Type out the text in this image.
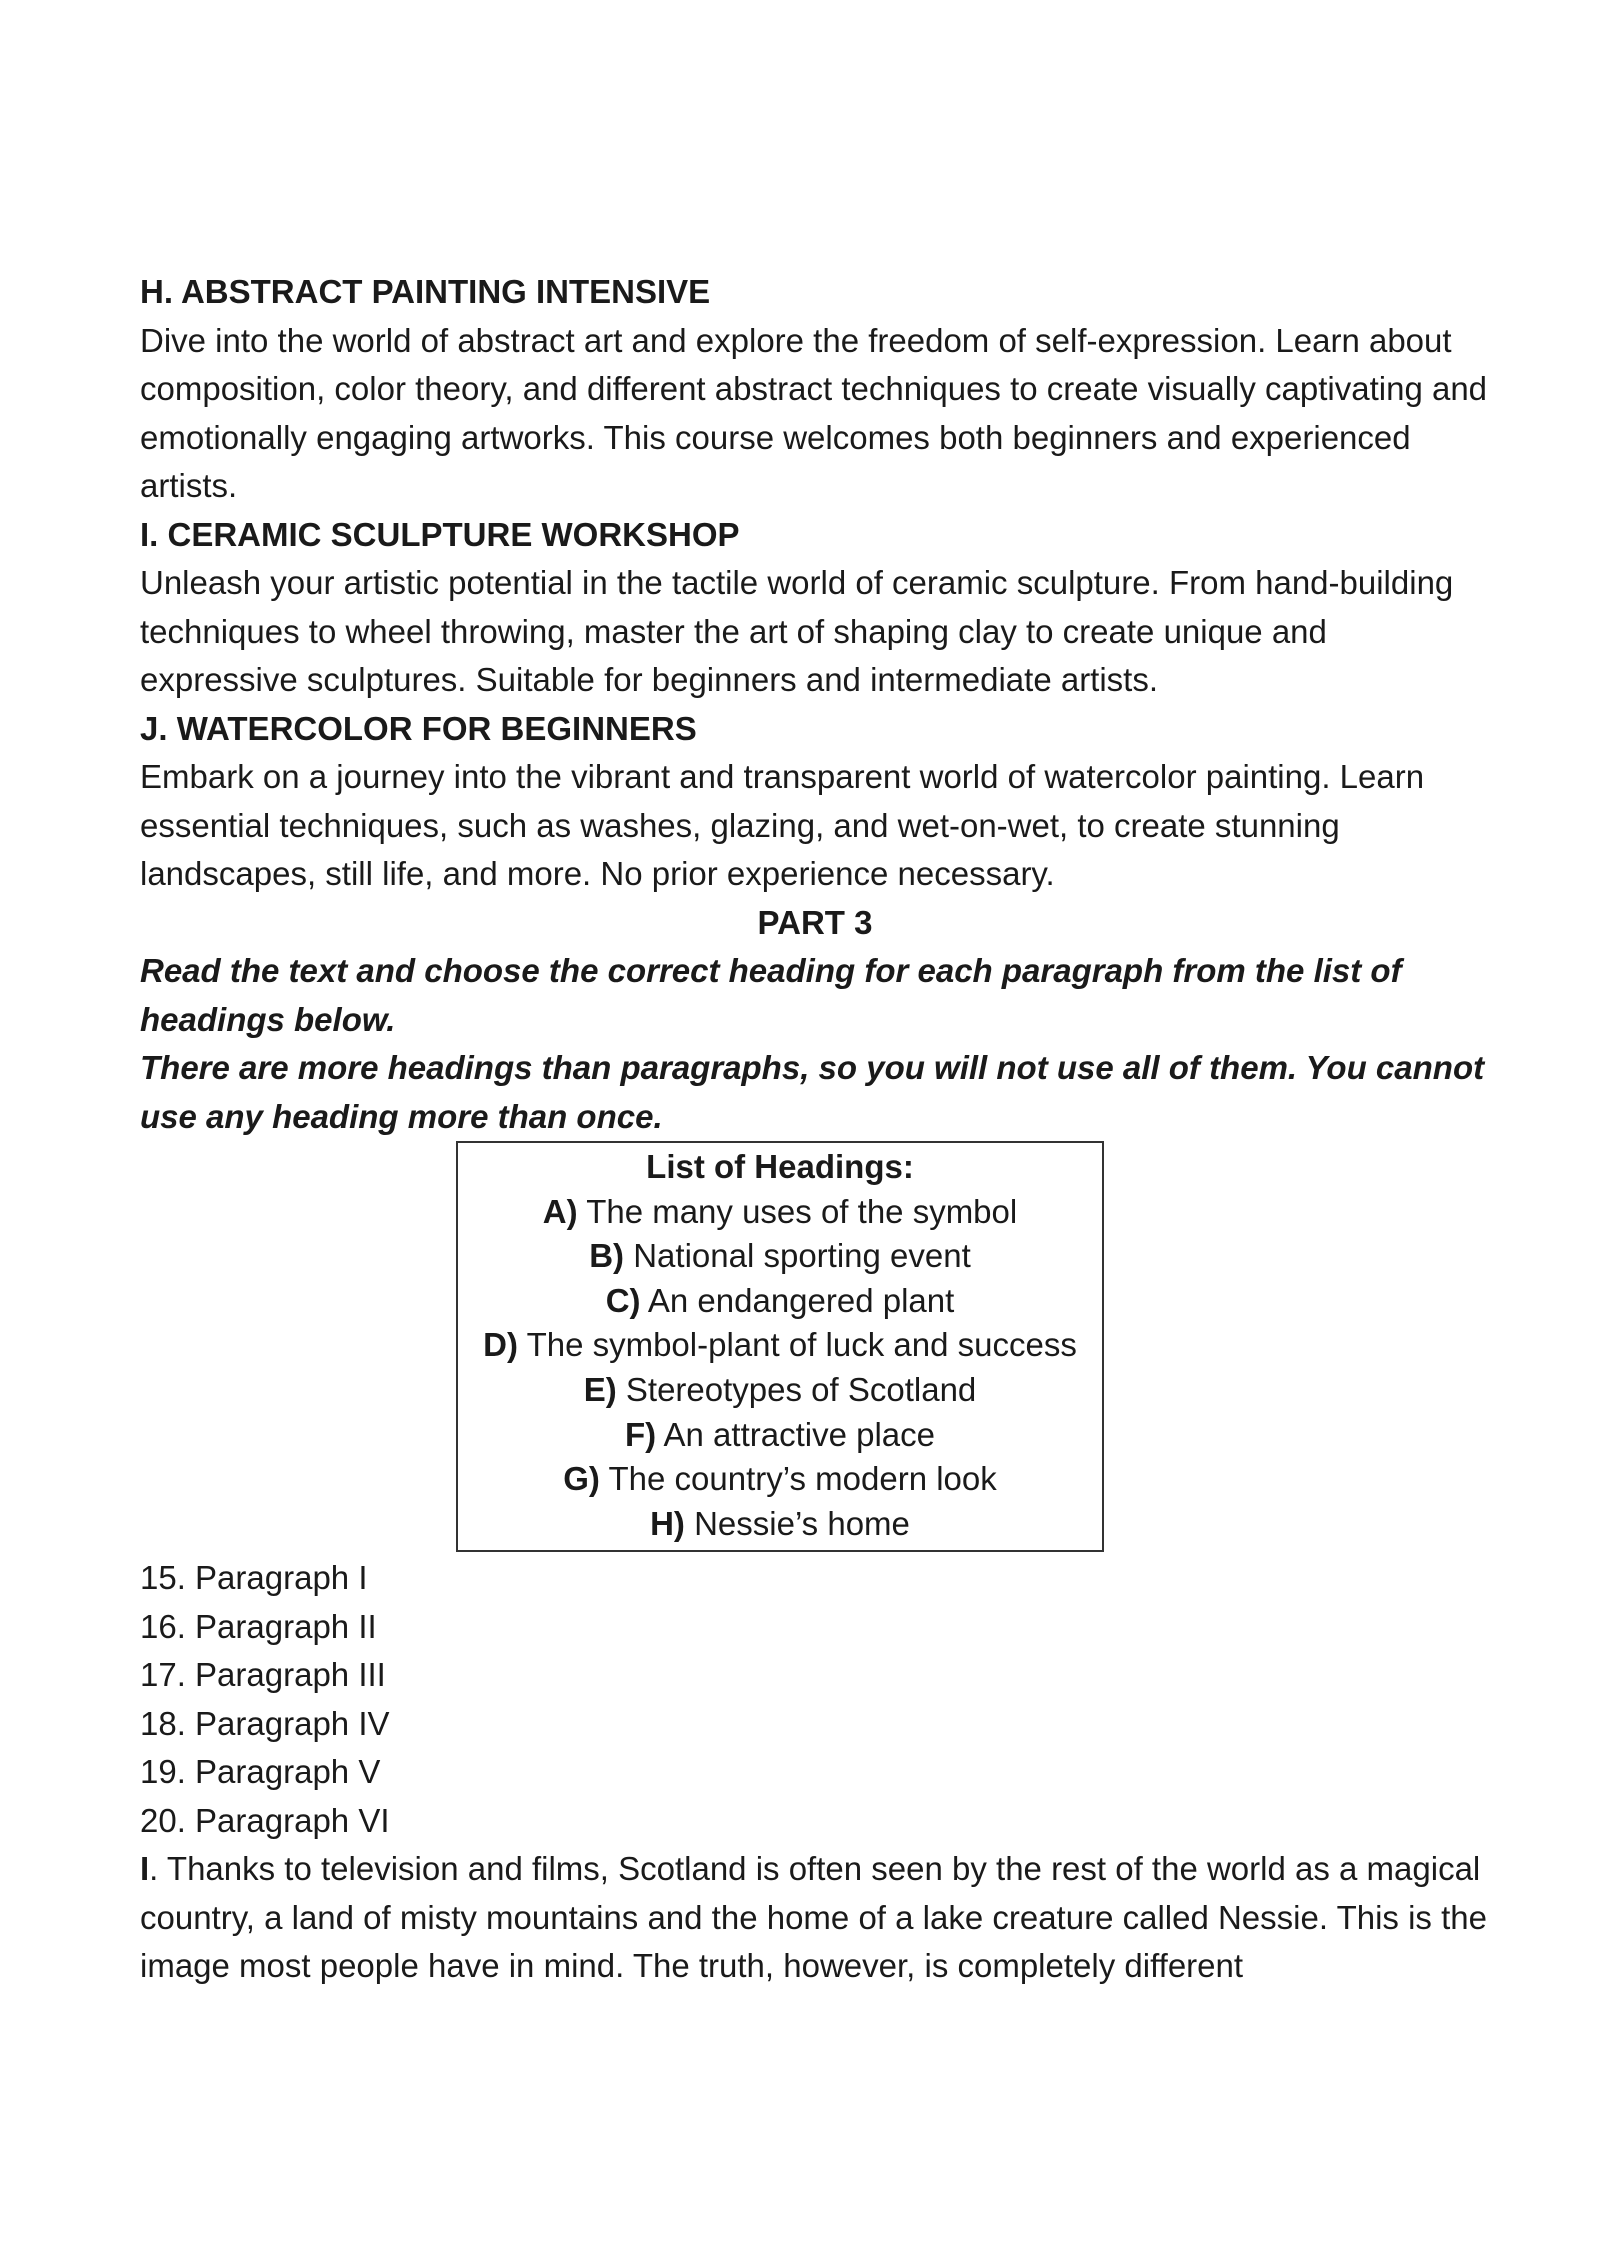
H. ABSTRACT PAINTING INTENSIVE

Dive into the world of abstract art and explore the freedom of self-expression. Learn about composition, color theory, and different abstract techniques to create visually captivating and emotionally engaging artworks. This course welcomes both beginners and experienced artists.

I. CERAMIC SCULPTURE WORKSHOP

Unleash your artistic potential in the tactile world of ceramic sculpture. From hand-building techniques to wheel throwing, master the art of shaping clay to create unique and expressive sculptures. Suitable for beginners and intermediate artists.

J. WATERCOLOR FOR BEGINNERS

Embark on a journey into the vibrant and transparent world of watercolor painting. Learn essential techniques, such as washes, glazing, and wet-on-wet, to create stunning landscapes, still life, and more. No prior experience necessary.

PART 3

Read the text and choose the correct heading for each paragraph from the list of headings below.

There are more headings than paragraphs, so you will not use all of them. You cannot use any heading more than once.

List of Headings:
A) The many uses of the symbol
B) National sporting event
C) An endangered plant
D) The symbol-plant of luck and success
E) Stereotypes of Scotland
F) An attractive place
G) The country’s modern look
H) Nessie’s home
15. Paragraph I
16. Paragraph II
17. Paragraph III
18. Paragraph IV
19. Paragraph V
20. Paragraph VI

I. Thanks to television and films, Scotland is often seen by the rest of the world as a magical country, a land of misty mountains and the home of a lake creature called Nessie. This is the image most people have in mind. The truth, however, is completely different
